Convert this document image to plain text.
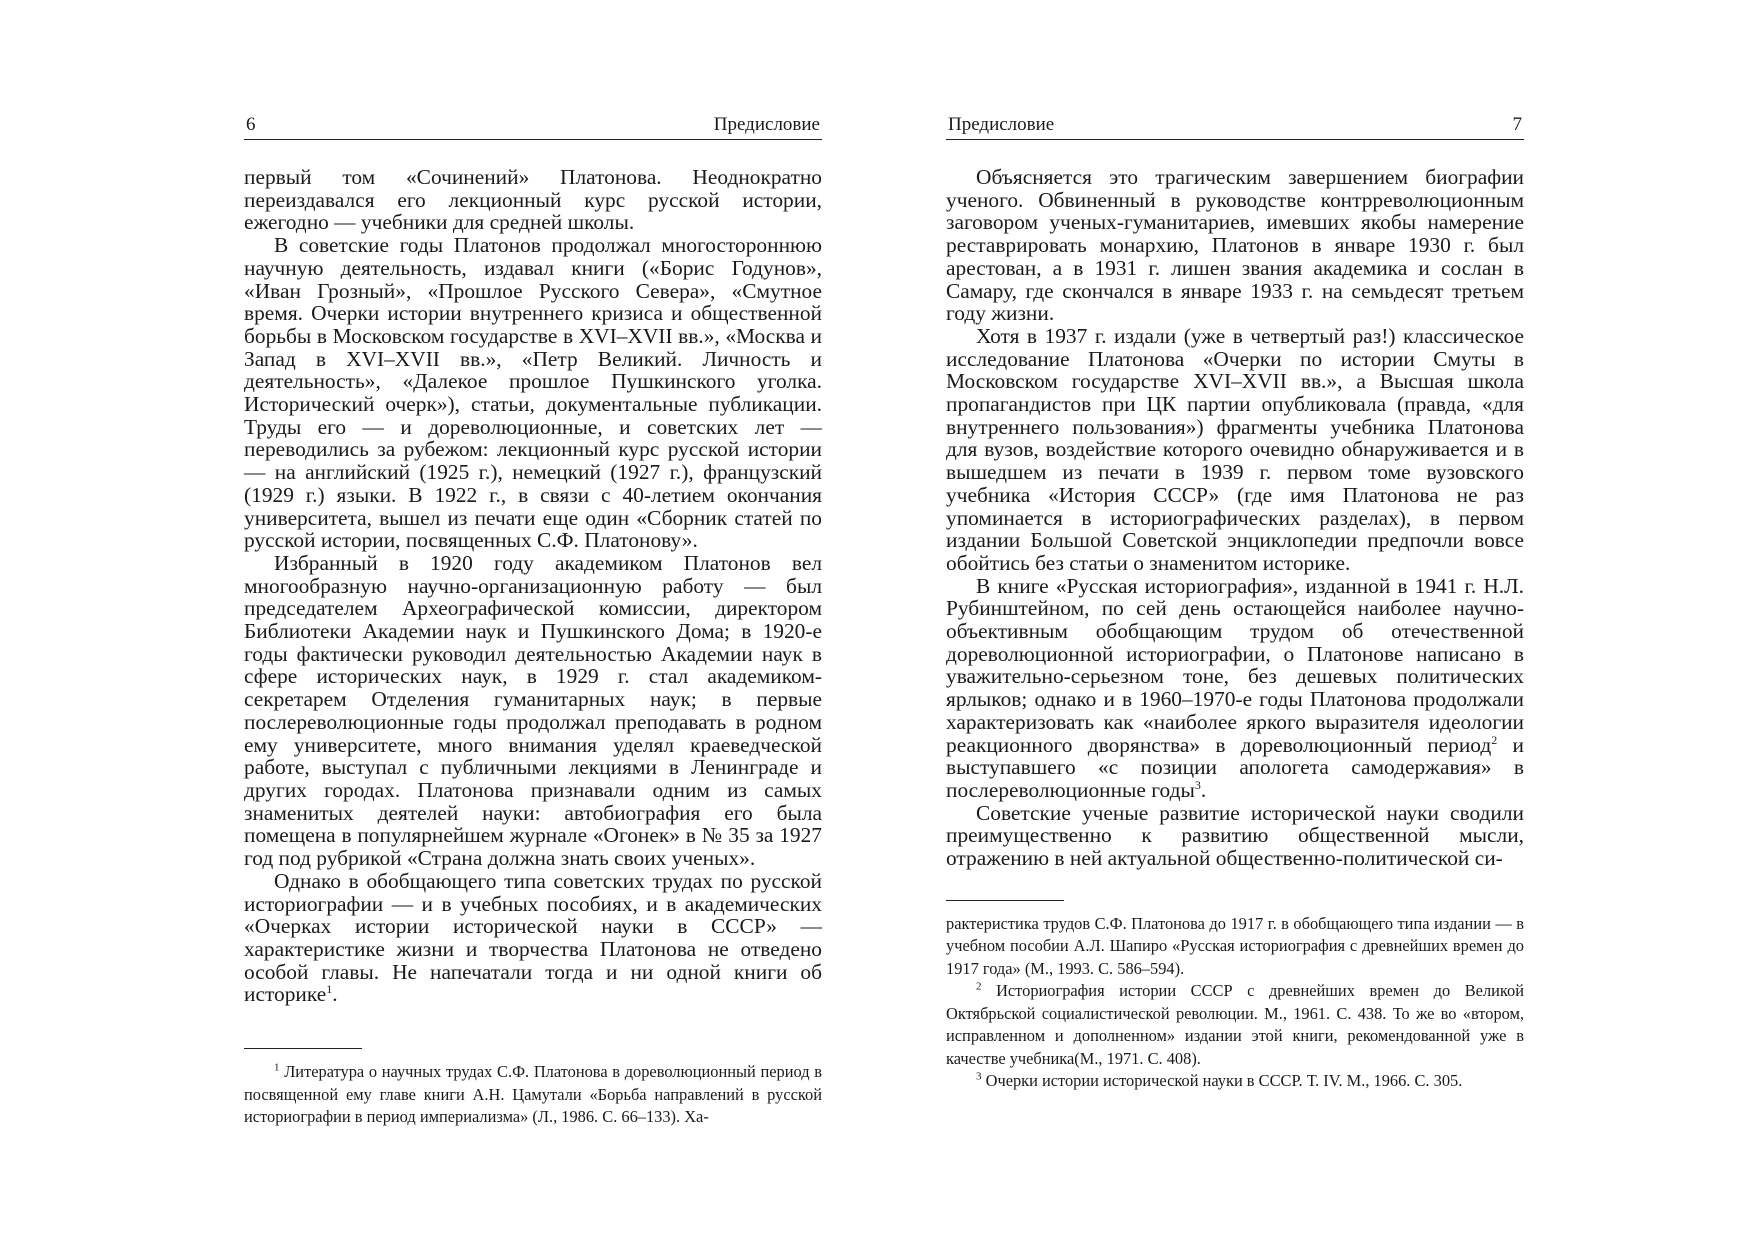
6	Предисловие

первый том «Сочинений» Платонова. Неоднократно переиздавался его лекционный курс русской истории, ежегодно — учебники для средней школы.

В советские годы Платонов продолжал многостороннюю научную деятельность, издавал книги («Борис Годунов», «Иван Грозный», «Прошлое Русского Севера», «Смутное время. Очерки истории внутреннего кризиса и общественной борьбы в Московском государстве в XVI–XVII вв.», «Москва и Запад в XVI–XVII вв.», «Петр Великий. Личность и деятельность», «Далекое прошлое Пушкинского уголка. Исторический очерк»), статьи, документальные публикации. Труды его — и дореволюционные, и советских лет — переводились за рубежом: лекционный курс русской истории — на английский (1925 г.), немецкий (1927 г.), французский (1929 г.) языки. В 1922 г., в связи с 40-летием окончания университета, вышел из печати еще один «Сборник статей по русской истории, посвященных С.Ф. Платонову».

Избранный в 1920 году академиком Платонов вел многообразную научно-организационную работу — был председателем Археографической комиссии, директором Библиотеки Академии наук и Пушкинского Дома; в 1920-е годы фактически руководил деятельностью Академии наук в сфере исторических наук, в 1929 г. стал академиком-секретарем Отделения гуманитарных наук; в первые послереволюционные годы продолжал преподавать в родном ему университете, много внимания уделял краеведческой работе, выступал с публичными лекциями в Ленинграде и других городах. Платонова признавали одним из самых знаменитых деятелей науки: автобиография его была помещена в популярнейшем журнале «Огонек» в № 35 за 1927 год под рубрикой «Страна должна знать своих ученых».

Однако в обобщающего типа советских трудах по русской историографии — и в учебных пособиях, и в академических «Очерках истории исторической науки в СССР» — характеристике жизни и творчества Платонова не отведено особой главы. Не напечатали тогда и ни одной книги об историке$^1$.

$^1$ Литература о научных трудах С.Ф. Платонова в дореволюционный период в посвященной ему главе книги А.Н. Цамутали «Борьба направлений в русской историографии в период империализма» (Л., 1986. С. 66–133). Ха-

Предисловие	7

Объясняется это трагическим завершением биографии ученого. Обвиненный в руководстве контрреволюционным заговором ученых-гуманитариев, имевших якобы намерение реставрировать монархию, Платонов в январе 1930 г. был арестован, а в 1931 г. лишен звания академика и сослан в Самару, где скончался в январе 1933 г. на семьдесят третьем году жизни.

Хотя в 1937 г. издали (уже в четвертый раз!) классическое исследование Платонова «Очерки по истории Смуты в Московском государстве XVI–XVII вв.», а Высшая школа пропагандистов при ЦК партии опубликовала (правда, «для внутреннего пользования») фрагменты учебника Платонова для вузов, воздействие которого очевидно обнаруживается и в вышедшем из печати в 1939 г. первом томе вузовского учебника «История СССР» (где имя Платонова не раз упоминается в историографических разделах), в первом издании Большой Советской энциклопедии предпочли вовсе обойтись без статьи о знаменитом историке.

В книге «Русская историография», изданной в 1941 г. Н.Л. Рубинштейном, по сей день остающейся наиболее научно-объективным обобщающим трудом об отечественной дореволюционной историографии, о Платонове написано в уважительно-серьезном тоне, без дешевых политических ярлыков; однако и в 1960–1970-е годы Платонова продолжали характеризовать как «наиболее яркого выразителя идеологии реакционного дворянства» в дореволюционный период$^2$ и выступавшего «с позиции апологета самодержавия» в послереволюционные годы$^3$.

Советские ученые развитие исторической науки сводили преимущественно к развитию общественной мысли, отражению в ней актуальной общественно-политической си-

рактеристика трудов С.Ф. Платонова до 1917 г. в обобщающего типа издании — в учебном пособии А.Л. Шапиро «Русская историография с древнейших времен до 1917 года» (М., 1993. С. 586–594).

$^2$ Историография истории СССР с древнейших времен до Великой Октябрьской социалистической революции. М., 1961. С. 438. То же во «втором, исправленном и дополненном» издании этой книги, рекомендованной уже в качестве учебника(М., 1971. С. 408).

$^3$ Очерки истории исторической науки в СССР. Т. IV. М., 1966. С. 305.
